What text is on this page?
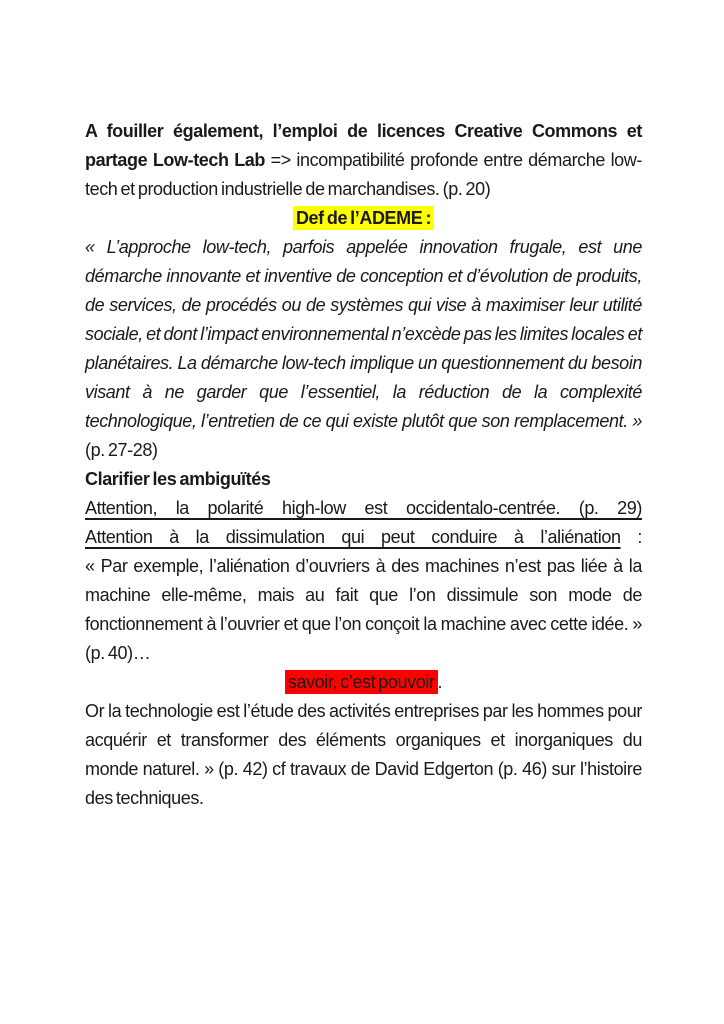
A fouiller également, l’emploi de licences Creative Commons et partage Low-tech Lab => incompatibilité profonde entre démarche low-tech et production industrielle de marchandises. (p. 20)

Def de l’ADEME :

« L’approche low-tech, parfois appelée innovation frugale, est une démarche innovante et inventive de conception et d’évolution de produits, de services, de procédés ou de systèmes qui vise à maximiser leur utilité sociale, et dont l’impact environnemental n’excède pas les limites locales et planétaires. La démarche low-tech implique un questionnement du besoin visant à ne garder que l’essentiel, la réduction de la complexité technologique, l’entretien de ce qui existe plutôt que son remplacement. » (p. 27-28)

Clarifier les ambiguïtés

Attention, la polarité high-low est occidentalo-centrée. (p. 29)

Attention à la dissimulation qui peut conduire à l’aliénation :

« Par exemple, l’aliénation d’ouvriers à des machines n’est pas liée à la machine elle-même, mais au fait que l’on dissimule son mode de fonctionnement à l’ouvrier et que l’on conçoit la machine avec cette idée. » (p. 40)…

savoir, c’est pouvoir .

Or la technologie est l’étude des activités entreprises par les hommes pour acquérir et transformer des éléments organiques et inorganiques du monde naturel. » (p. 42) cf travaux de David Edgerton (p. 46) sur l’histoire des techniques.
